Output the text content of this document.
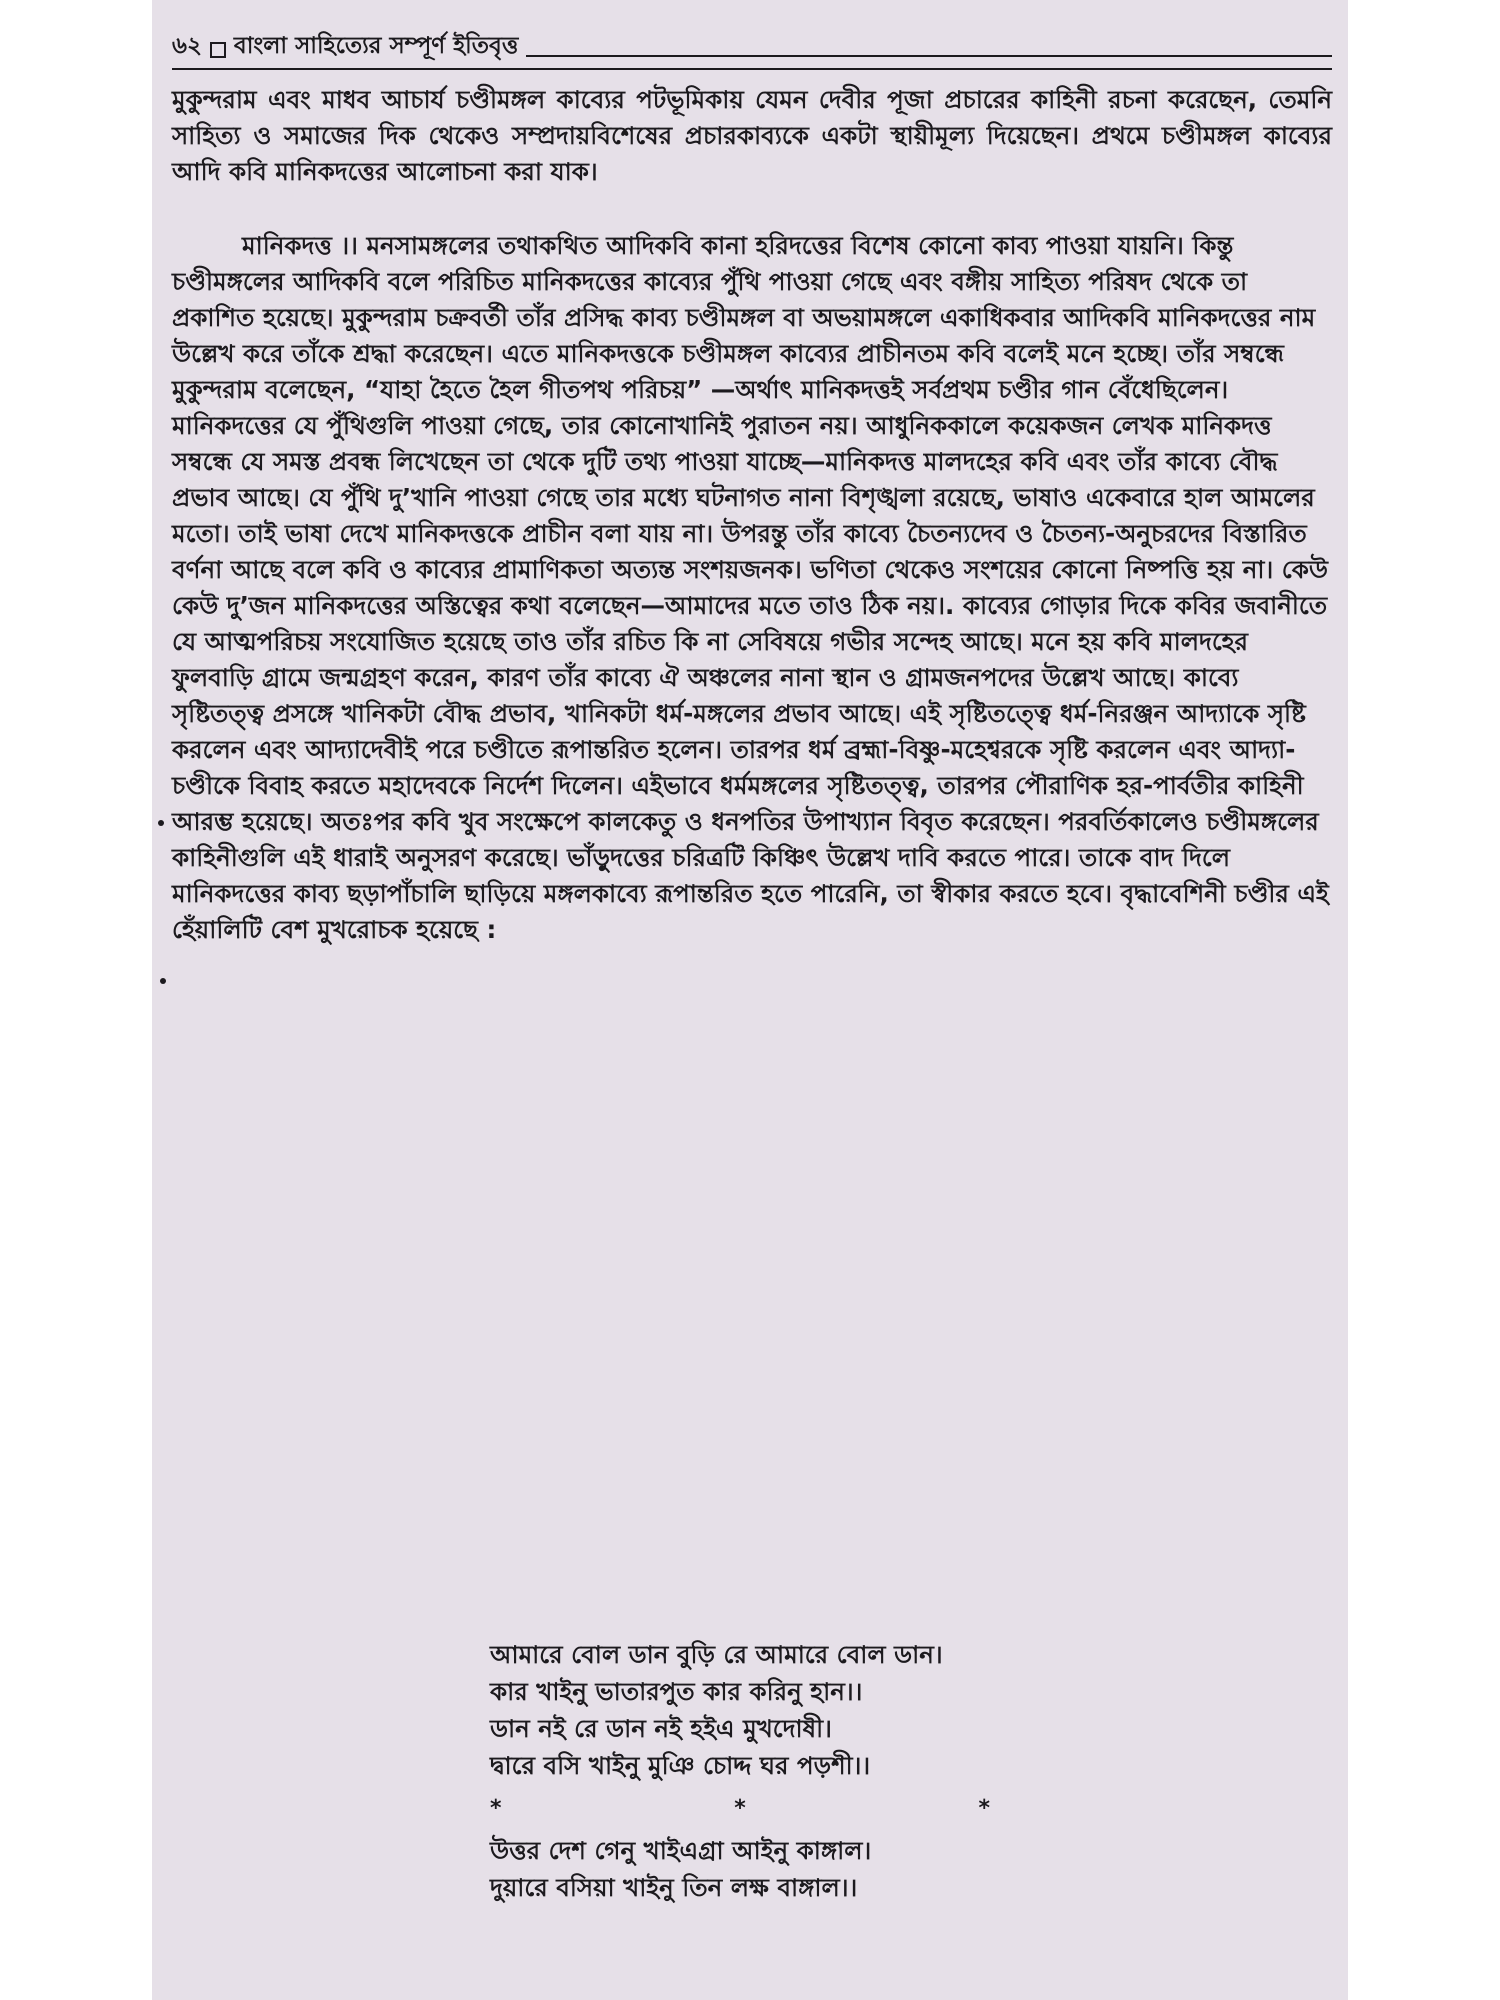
৬২ বাংলা সাহিত্যের সম্পূর্ণ ইতিবৃত্ত

মুকুন্দরাম এবং মাধব আচার্য চণ্ডীমঙ্গল কাব্যের পটভূমিকায় যেমন দেবীর পূজা প্রচারের কাহিনী রচনা করেছেন, তেমনি সাহিত্য ও সমাজের দিক থেকেও সম্প্রদায়বিশেষের প্রচারকাব্যকে একটা স্থায়ীমূল্য দিয়েছেন। প্রথমে চণ্ডীমঙ্গল কাব্যের আদি কবি মানিকদত্তের আলোচনা করা যাক।

মানিকদত্ত ।। মনসামঙ্গলের তথাকথিত আদিকবি কানা হরিদত্তের বিশেষ কোনো কাব্য পাওয়া যায়নি। কিন্তু চণ্ডীমঙ্গলের আদিকবি বলে পরিচিত মানিকদত্তের কাব্যের পুঁথি পাওয়া গেছে এবং বঙ্গীয় সাহিত্য পরিষদ থেকে তা প্রকাশিত হয়েছে। মুকুন্দরাম চক্রবর্তী তাঁর প্রসিদ্ধ কাব্য চণ্ডীমঙ্গল বা অভয়ামঙ্গলে একাধিকবার আদিকবি মানিকদত্তের নাম উল্লেখ করে তাঁকে শ্রদ্ধা করেছেন। এতে মানিকদত্তকে চণ্ডীমঙ্গল কাব্যের প্রাচীনতম কবি বলেই মনে হচ্ছে। তাঁর সম্বন্ধে মুকুন্দরাম বলেছেন, “যাহা হৈতে হৈল গীতপথ পরিচয়” —অর্থাৎ মানিকদত্তই সর্বপ্রথম চণ্ডীর গান বেঁধেছিলেন। মানিকদত্তের যে পুঁথিগুলি পাওয়া গেছে, তার কোনোখানিই পুরাতন নয়। আধুনিককালে কয়েকজন লেখক মানিকদত্ত সম্বন্ধে যে সমস্ত প্রবন্ধ লিখেছেন তা থেকে দুটি তথ্য পাওয়া যাচ্ছে—মানিকদত্ত মালদহের কবি এবং তাঁর কাব্যে বৌদ্ধ প্রভাব আছে। যে পুঁথি দু’খানি পাওয়া গেছে তার মধ্যে ঘটনাগত নানা বিশৃঙ্খলা রয়েছে, ভাষাও একেবারে হাল আমলের মতো। তাই ভাষা দেখে মানিকদত্তকে প্রাচীন বলা যায় না। উপরন্তু তাঁর কাব্যে চৈতন্যদেব ও চৈতন্য-অনুচরদের বিস্তারিত বর্ণনা আছে বলে কবি ও কাব্যের প্রামাণিকতা অত্যন্ত সংশয়জনক। ভণিতা থেকেও সংশয়ের কোনো নিষ্পত্তি হয় না। কেউ কেউ দু’জন মানিকদত্তের অস্তিত্বের কথা বলেছেন—আমাদের মতে তাও ঠিক নয়।. কাব্যের গোড়ার দিকে কবির জবানীতে যে আত্মপরিচয় সংযোজিত হয়েছে তাও তাঁর রচিত কি না সেবিষয়ে গভীর সন্দেহ আছে। মনে হয় কবি মালদহের ফুলবাড়ি গ্রামে জন্মগ্রহণ করেন, কারণ তাঁর কাব্যে ঐ অঞ্চলের নানা স্থান ও গ্রামজনপদের উল্লেখ আছে। কাব্যে সৃষ্টিতত্ত্ব প্রসঙ্গে খানিকটা বৌদ্ধ প্রভাব, খানিকটা ধর্ম-মঙ্গলের প্রভাব আছে। এই সৃষ্টিতত্ত্বে ধর্ম-নিরঞ্জন আদ্যাকে সৃষ্টি করলেন এবং আদ্যাদেবীই পরে চণ্ডীতে রূপান্তরিত হলেন। তারপর ধর্ম ব্রহ্মা-বিষ্ণু-মহেশ্বরকে সৃষ্টি করলেন এবং আদ্যা-চণ্ডীকে বিবাহ করতে মহাদেবকে নির্দেশ দিলেন। এইভাবে ধর্মমঙ্গলের সৃষ্টিতত্ত্ব, তারপর পৌরাণিক হর-পার্বতীর কাহিনী আরম্ভ হয়েছে। অতঃপর কবি খুব সংক্ষেপে কালকেতু ও ধনপতির উপাখ্যান বিবৃত করেছেন। পরবর্তিকালেও চণ্ডীমঙ্গলের কাহিনীগুলি এই ধারাই অনুসরণ করেছে। ভাঁড়ুদত্তের চরিত্রটি কিঞ্চিৎ উল্লেখ দাবি করতে পারে। তাকে বাদ দিলে মানিকদত্তের কাব্য ছড়াপাঁচালি ছাড়িয়ে মঙ্গলকাব্যে রূপান্তরিত হতে পারেনি, তা স্বীকার করতে হবে। বৃদ্ধাবেশিনী চণ্ডীর এই হেঁয়ালিটি বেশ মুখরোচক হয়েছে :

আমারে বোল ডান বুড়ি রে আমারে বোল ডান।
কার খাইনু ভাতারপুত কার করিনু হান।।
ডান নই রে ডান নই হইএ মুখদোষী।
দ্বারে বসি খাইনু মুঞি চোদ্দ ঘর পড়শী।।
*	*	*
উত্তর দেশ গেনু খাইএগ্ৰা আইনু কাঙ্গাল।
দুয়ারে বসিয়া খাইনু তিন লক্ষ বাঙ্গাল।।
